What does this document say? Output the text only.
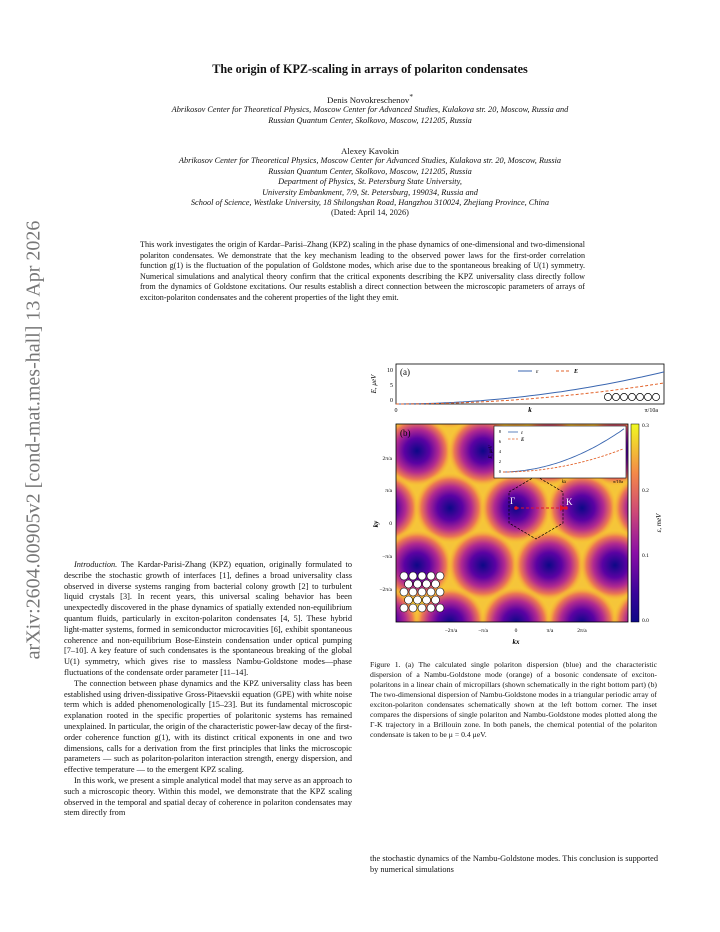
arXiv:2604.00905v2 [cond-mat.mes-hall] 13 Apr 2026
The origin of KPZ-scaling in arrays of polariton condensates
Denis Novokreschenov*
Abrikosov Center for Theoretical Physics, Moscow Center for Advanced Studies, Kulakova str. 20, Moscow, Russia and
Russian Quantum Center, Skolkovo, Moscow, 121205, Russia
Alexey Kavokin
Abrikosov Center for Theoretical Physics, Moscow Center for Advanced Studies, Kulakova str. 20, Moscow, Russia
Russian Quantum Center, Skolkovo, Moscow, 121205, Russia
Department of Physics, St. Petersburg State University,
University Embankment, 7/9, St. Petersburg, 199034, Russia and
School of Science, Westlake University, 18 Shilongshan Road, Hangzhou 310024, Zhejiang Province, China
(Dated: April 14, 2026)
This work investigates the origin of Kardar–Parisi–Zhang (KPZ) scaling in the phase dynamics of one-dimensional and two-dimensional polariton condensates. We demonstrate that the key mechanism leading to the observed power laws for the first-order correlation function g(1) is the fluctuation of the population of Goldstone modes, which arise due to the spontaneous breaking of U(1) symmetry. Numerical simulations and analytical theory confirm that the critical exponents describing the KPZ universality class directly follow from the dynamics of Goldstone excitations. Our results establish a direct connection between the microscopic parameters of arrays of exciton-polariton condensates and the coherent properties of the light they emit.

Introduction. The Kardar-Parisi-Zhang (KPZ) equation, originally formulated to describe the stochastic growth of interfaces [1], defines a broad universality class observed in diverse systems ranging from bacterial colony growth [2] to turbulent liquid crystals [3]. In recent years, this universal scaling behavior has been unexpectedly discovered in the phase dynamics of spatially extended non-equilibrium quantum fluids, particularly in exciton-polariton condensates [4, 5]. These hybrid light-matter systems, formed in semiconductor microcavities [6], exhibit spontaneous coherence and non-equilibrium Bose-Einstein condensation under optical pumping [7–10]. A key feature of such condensates is the spontaneous breaking of the global U(1) symmetry, which gives rise to massless Nambu-Goldstone modes—phase fluctuations of the condensate order parameter [11–14].

The connection between phase dynamics and the KPZ universality class has been established using driven-dissipative Gross-Pitaevskii equation (GPE) with white noise term which is added phenomenologically [15–23]. But its fundamental microscopic explanation rooted in the specific properties of polaritonic systems has remained unexplained. In particular, the origin of the characteristic power-law decay of the first-order coherence function g(1), with its distinct critical exponents in one and two dimensions, calls for a derivation from the first principles that links the microscopic parameters — such as polariton-polariton interaction strength, energy dispersion, and effective temperature — to the emergent KPZ scaling.

In this work, we present a simple analytical model that may serve as an approach to such a microscopic theory. Within this model, we demonstrate that the KPZ scaling observed in the temporal and spatial decay of coherence in polariton condensates may stem directly from

(a)
E, μeV
10
5
0
0	π/10a
k
ε	E
(b)
Γ	K
E, μeV
8
6
4
2
0
kx	π/10a
ε
E
ky
2π/a
π/a
0
−π/a
−2π/a
−2π/a	−π/a	0	π/a	2π/a
kx
0.3
0.2
0.1
0.0
ε, meV
Figure 1. (a) The calculated single polariton dispersion (blue) and the characteristic dispersion of a Nambu-Goldstone mode (orange) of a bosonic condensate of exciton-polaritons in a linear chain of micropillars (shown schematically in the right bottom part) (b) The two-dimensional dispersion of Nambu-Goldstone modes in a triangular periodic array of exciton-polariton condensates schematically shown at the left bottom corner. The inset compares the dispersions of single polariton and Nambu-Goldstone modes plotted along the Γ-K trajectory in a Brillouin zone. In both panels, the chemical potential of the polariton condensate is taken to be μ = 0.4 μeV.

the stochastic dynamics of the Nambu-Goldstone modes. This conclusion is supported by numerical simulations
